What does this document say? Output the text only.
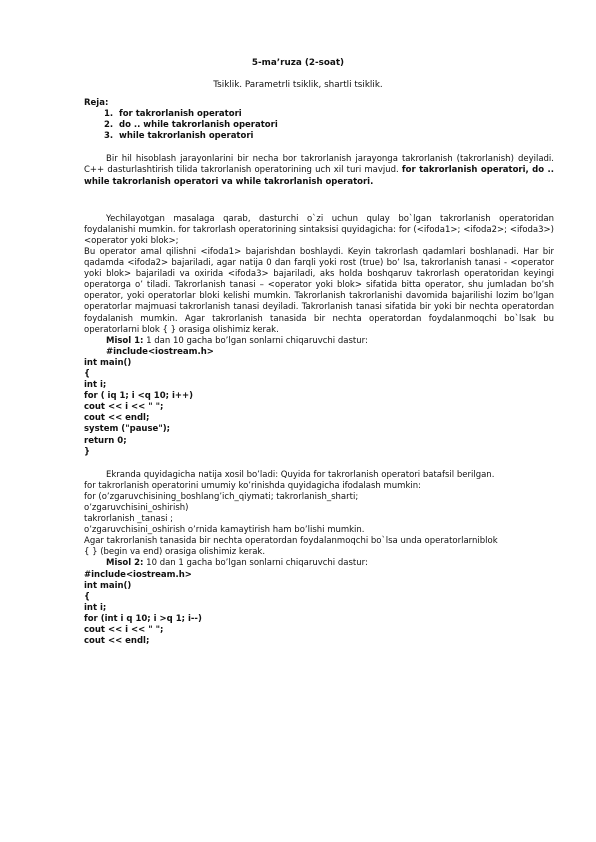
5-ma’ruza (2-soat)
Tsiklik. Parametrli tsiklik, shartli tsiklik.
Reja:
1. for takrorlanish operatori
2. do .. while takrorlanish operatori
3. while takrorlanish operatori

Bir hil hisoblash jarayonlarini bir necha bor takrorlanish jarayonga takrorlanish (takrorlanish) deyiladi. C++ dasturlashtirish tilida takrorlanish operatorining uch xil turi mavjud. for takrorlanish operatori, do .. while takrorlanish operatori va while takrorlanish operatori.

Yechilayotgan masalaga qarab, dasturchi o`zi uchun qulay bo`lgan takrorlanish operatoridan foydalanishi mumkin. for takrorlash operatorining sintaksisi quyidagicha: for (<ifoda1>; <ifoda2>; <ifoda3>)<operator yoki blok>;

Bu operator amal qilishni <ifoda1> bajarishdan boshlaydi. Keyin takrorlash qadamlari boshlanadi. Har bir qadamda <ifoda2> bajariladi, agar natija 0 dan farqli yoki rost (true) bo’ lsa, takrorlanish tanasi - <operator yoki blok> bajariladi va oxirida <ifoda3> bajariladi, aks holda boshqaruv takrorlash operatoridan keyingi operatorga o’ tiladi. Takrorlanish tanasi – <operator yoki blok> sifatida bitta operator, shu jumladan bo’sh operator, yoki operatorlar bloki kelishi mumkin. Takrorlanish takrorlanishi davomida bajarilishi lozim bo’lgan operatorlar majmuasi takrorlanish tanasi deyiladi. Takrorlanish tanasi sifatida bir yoki bir nechta operatordan foydalanish mumkin. Agar takrorlanish tanasida bir nechta operatordan foydalanmoqchi bo`lsak bu operatorlarni blok { } orasiga olishimiz kerak.

Misol 1: 1 dan 10 gacha bo’lgan sonlarni chiqaruvchi dastur:
#include<iostream.h>
int main()
{
int i;
for ( iq 1; i <q 10; i++)
cout << i << " ";
cout << endl;
system ("pause");
return 0;
}
Ekranda quyidagicha natija xosil bo’ladi: Quyida for takrorlanish operatori batafsil berilgan.
for takrorlanish operatorini umumiy ko’rinishda quyidagicha ifodalash mumkin:
for (o’zgaruvchisining_boshlang’ich_qiymati; takrorlanish_sharti;
o’zgaruvchisini_oshirish)
takrorlanish _tanasi ;
o’zgaruvchisini_oshirish o’rnida kamaytirish ham bo’lishi mumkin.
Agar takrorlanish tanasida bir nechta operatordan foydalanmoqchi bo`lsa unda operatorlarniblok
{ } (begin va end) orasiga olishimiz kerak.
Misol 2: 10 dan 1 gacha bo’lgan sonlarni chiqaruvchi dastur:
#include<iostream.h>
int main()
{
int i;
for (int i q 10; i >q 1; i--)
cout << i << " ";
cout << endl;
